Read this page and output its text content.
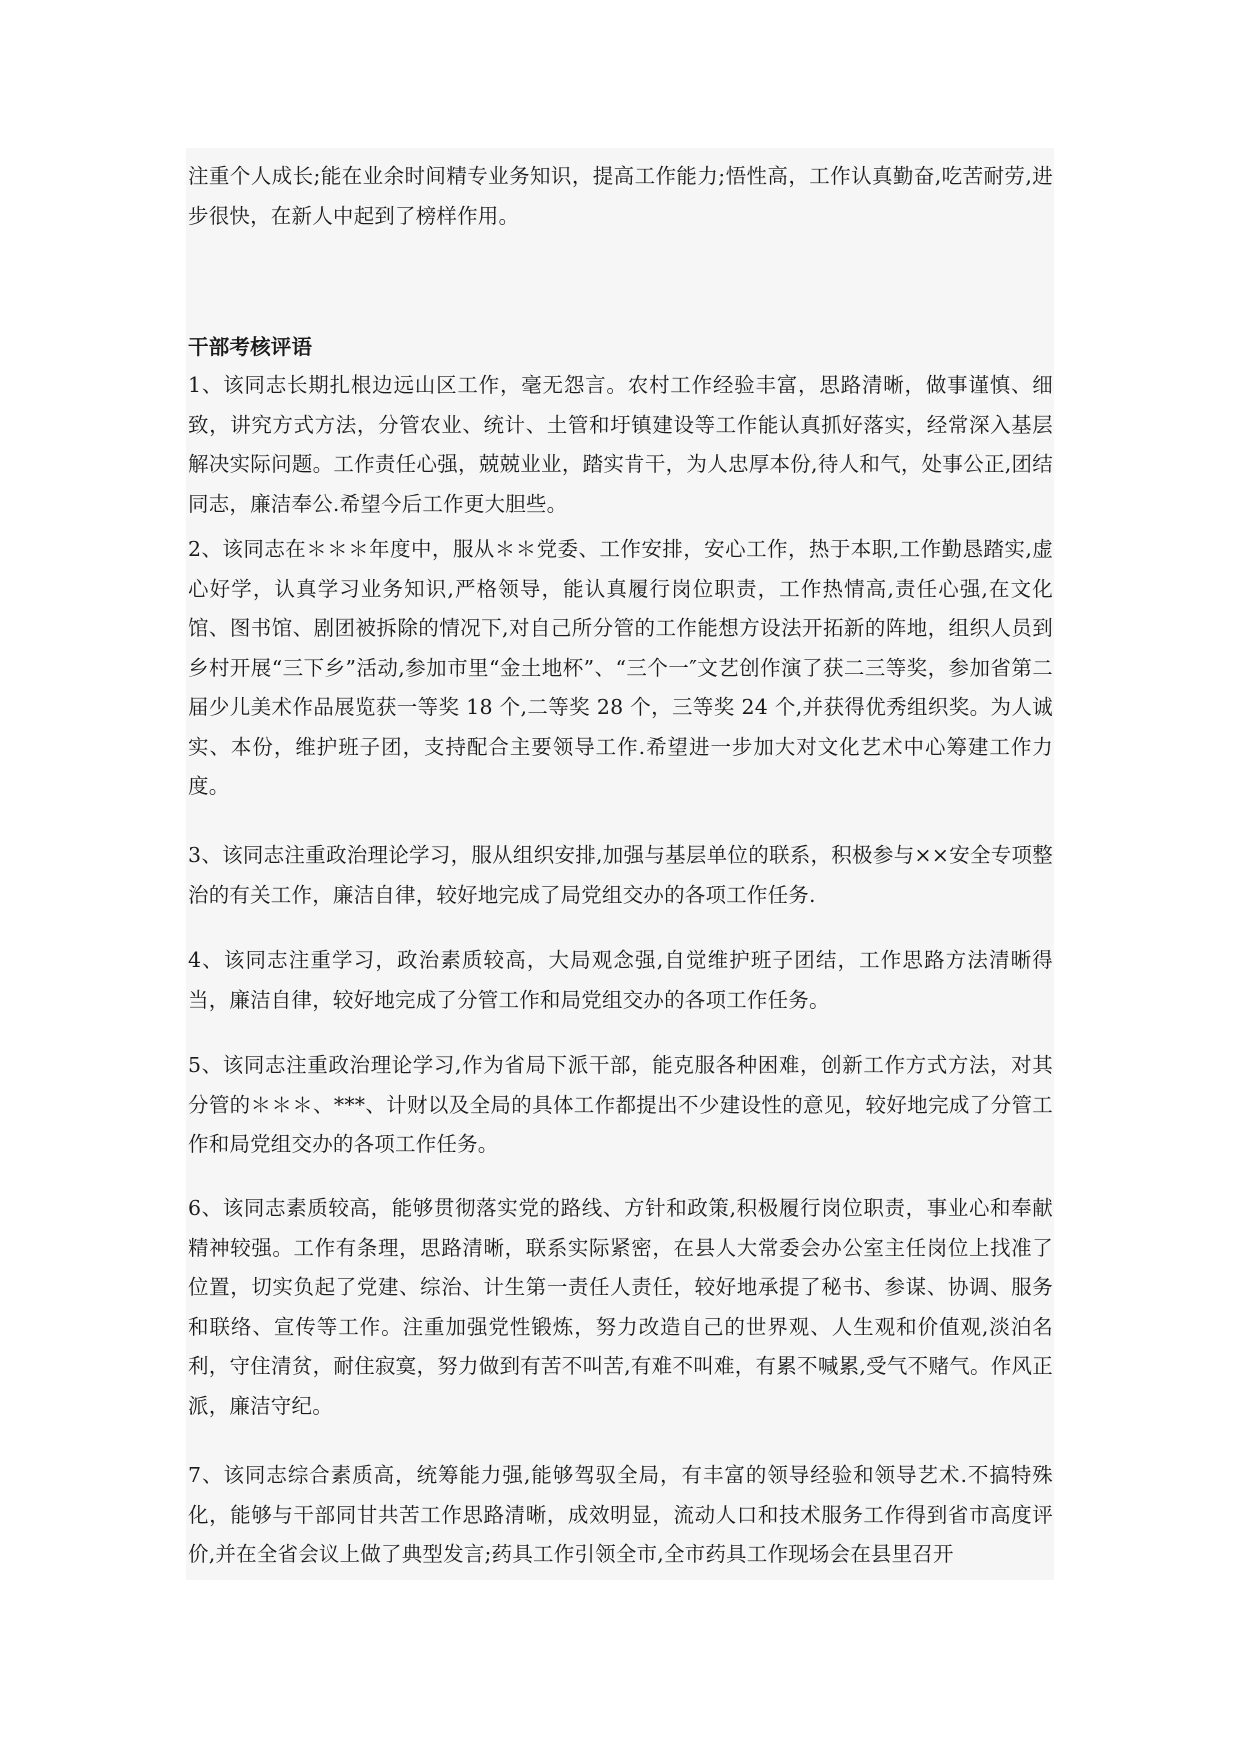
注重个人成长;能在业余时间精专业务知识，提高工作能力;悟性高，工作认真勤奋,吃苦耐劳,进步很快，在新人中起到了榜样作用。

干部考核评语

1、该同志长期扎根边远山区工作，毫无怨言。农村工作经验丰富，思路清晰，做事谨慎、细致，讲究方式方法，分管农业、统计、土管和圩镇建设等工作能认真抓好落实，经常深入基层解决实际问题。工作责任心强，兢兢业业，踏实肯干，为人忠厚本份,待人和气，处事公正,团结同志，廉洁奉公.希望今后工作更大胆些。

2、该同志在＊＊＊年度中，服从＊＊党委、工作安排，安心工作，热于本职,工作勤恳踏实,虚心好学，认真学习业务知识,严格领导，能认真履行岗位职责，工作热情高,责任心强,在文化馆、图书馆、剧团被拆除的情况下,对自己所分管的工作能想方设法开拓新的阵地，组织人员到乡村开展“三下乡”活动,参加市里“金土地杯”、“三个一″文艺创作演了获二三等奖，参加省第二届少儿美术作品展览获一等奖 18 个,二等奖 28 个，三等奖 24 个,并获得优秀组织奖。为人诚实、本份，维护班子团，支持配合主要领导工作.希望进一步加大对文化艺术中心筹建工作力度。

3、该同志注重政治理论学习，服从组织安排,加强与基层单位的联系，积极参与××安全专项整治的有关工作，廉洁自律，较好地完成了局党组交办的各项工作任务.

4、该同志注重学习，政治素质较高，大局观念强,自觉维护班子团结，工作思路方法清晰得当，廉洁自律，较好地完成了分管工作和局党组交办的各项工作任务。

5、该同志注重政治理论学习,作为省局下派干部，能克服各种困难，创新工作方式方法，对其分管的＊＊＊、***、计财以及全局的具体工作都提出不少建设性的意见，较好地完成了分管工作和局党组交办的各项工作任务。

6、该同志素质较高，能够贯彻落实党的路线、方针和政策,积极履行岗位职责，事业心和奉献精神较强。工作有条理，思路清晰，联系实际紧密，在县人大常委会办公室主任岗位上找准了位置，切实负起了党建、综治、计生第一责任人责任，较好地承提了秘书、参谋、协调、服务和联络、宣传等工作。注重加强党性锻炼，努力改造自己的世界观、人生观和价值观,淡泊名利，守住清贫，耐住寂寞，努力做到有苦不叫苦,有难不叫难，有累不喊累,受气不赌气。作风正派，廉洁守纪。

7、该同志综合素质高，统筹能力强,能够驾驭全局，有丰富的领导经验和领导艺术.不搞特殊化，能够与干部同甘共苦工作思路清晰，成效明显，流动人口和技术服务工作得到省市高度评价,并在全省会议上做了典型发言;药具工作引领全市,全市药具工作现场会在县里召开
